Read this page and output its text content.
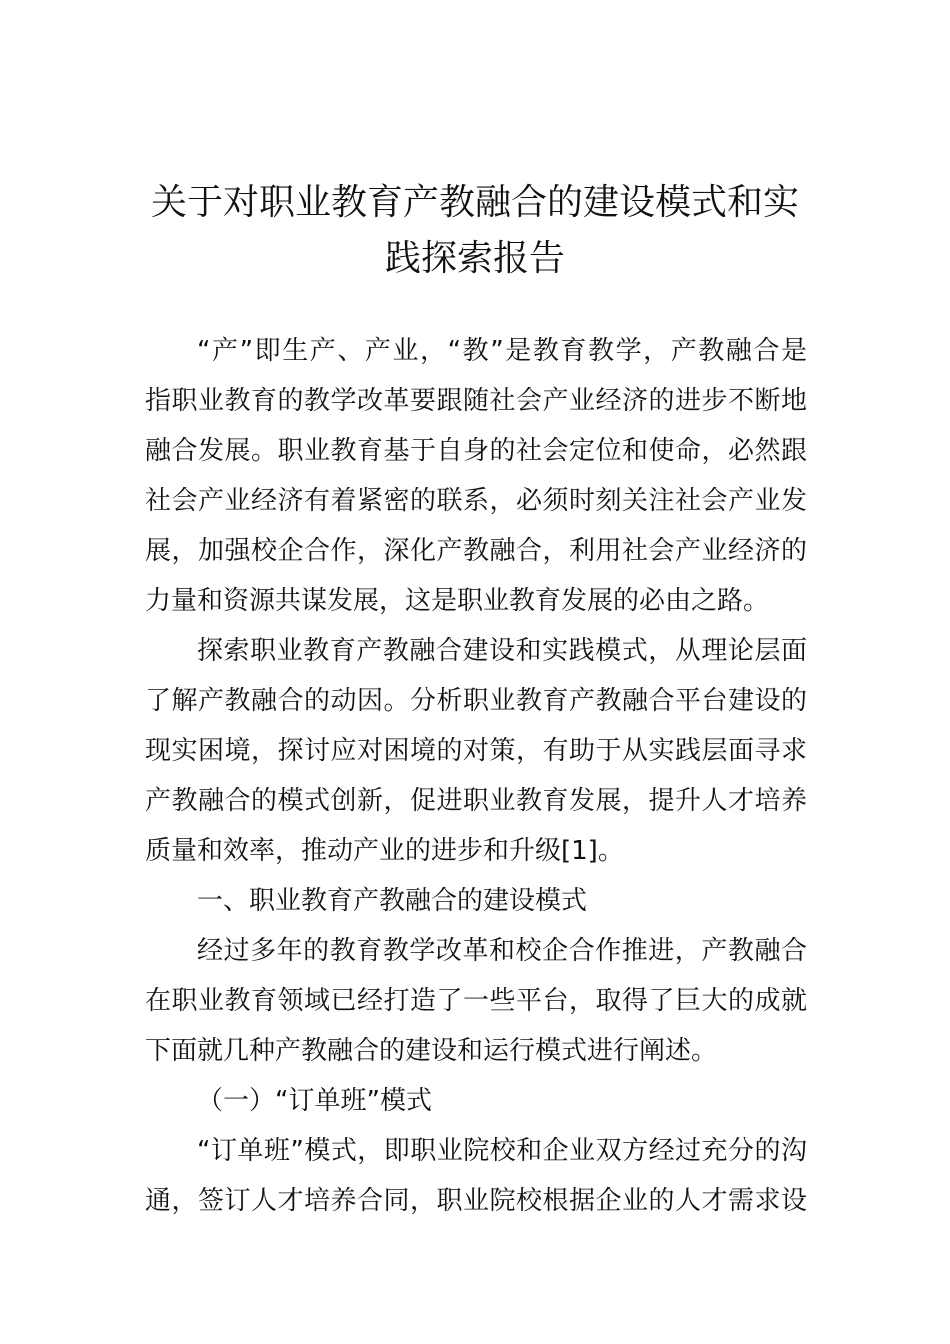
关于对职业教育产教融合的建设模式和实
践探索报告
“产”即生产、产业，“教”是教育教学，产教融合是
指职业教育的教学改革要跟随社会产业经济的进步不断地
融合发展。职业教育基于自身的社会定位和使命，必然跟
社会产业经济有着紧密的联系，必须时刻关注社会产业发
展，加强校企合作，深化产教融合，利用社会产业经济的
力量和资源共谋发展，这是职业教育发展的必由之路。
探索职业教育产教融合建设和实践模式，从理论层面
了解产教融合的动因。分析职业教育产教融合平台建设的
现实困境，探讨应对困境的对策，有助于从实践层面寻求
产教融合的模式创新，促进职业教育发展，提升人才培养
质量和效率，推动产业的进步和升级[1]。
一、职业教育产教融合的建设模式
经过多年的教育教学改革和校企合作推进，产教融合
在职业教育领域已经打造了一些平台，取得了巨大的成就
下面就几种产教融合的建设和运行模式进行阐述。
（一）“订单班”模式
“订单班”模式，即职业院校和企业双方经过充分的沟
通，签订人才培养合同，职业院校根据企业的人才需求设
